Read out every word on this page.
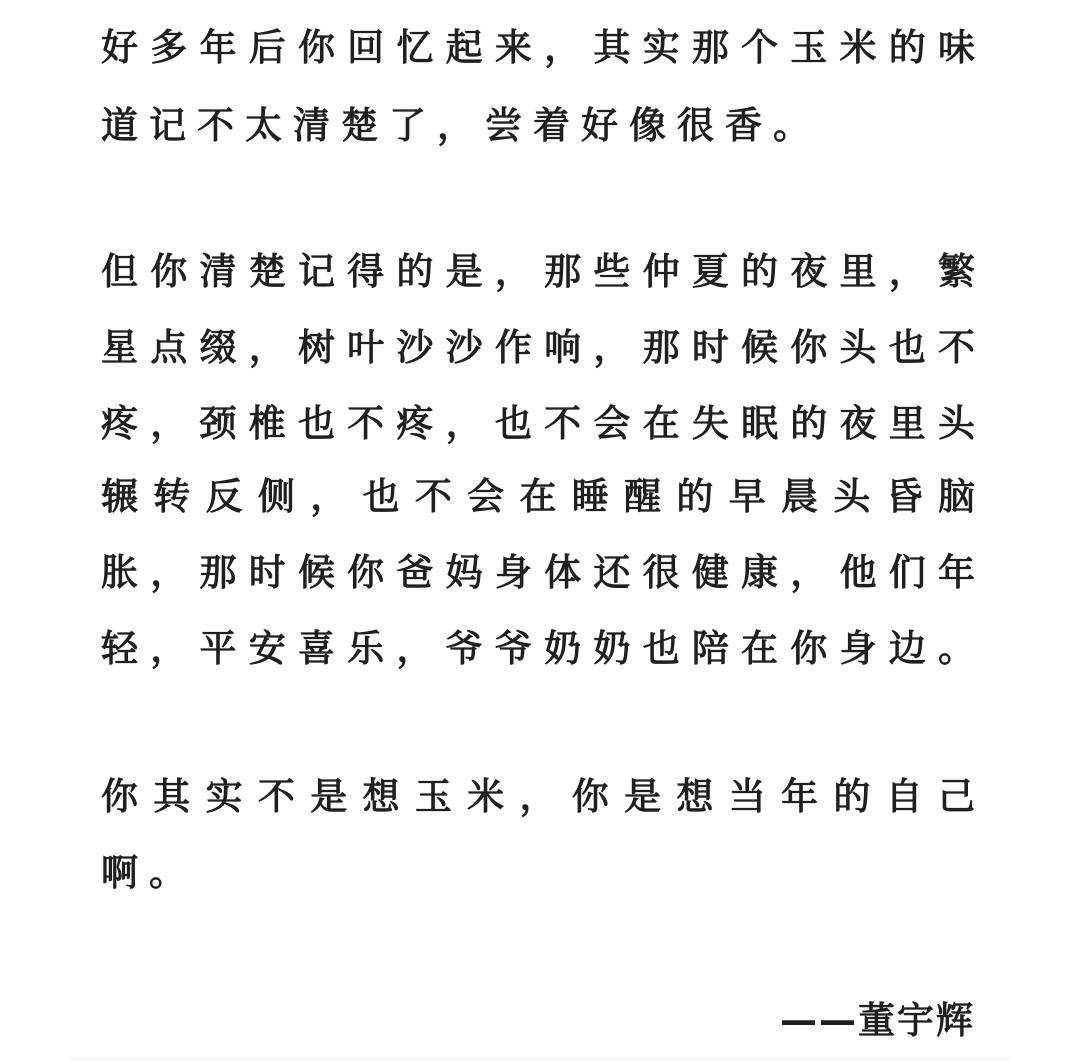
好多年后你回忆起来，其实那个玉米的味

道记不太清楚了，尝着好像很香。

但你清楚记得的是，那些仲夏的夜里，繁

星点缀，树叶沙沙作响，那时候你头也不

疼，颈椎也不疼，也不会在失眠的夜里头

辗转反侧，也不会在睡醒的早晨头昏脑

胀，那时候你爸妈身体还很健康，他们年

轻，平安喜乐，爷爷奶奶也陪在你身边。

你其实不是想玉米，你是想当年的自己

啊。

——董宇辉
